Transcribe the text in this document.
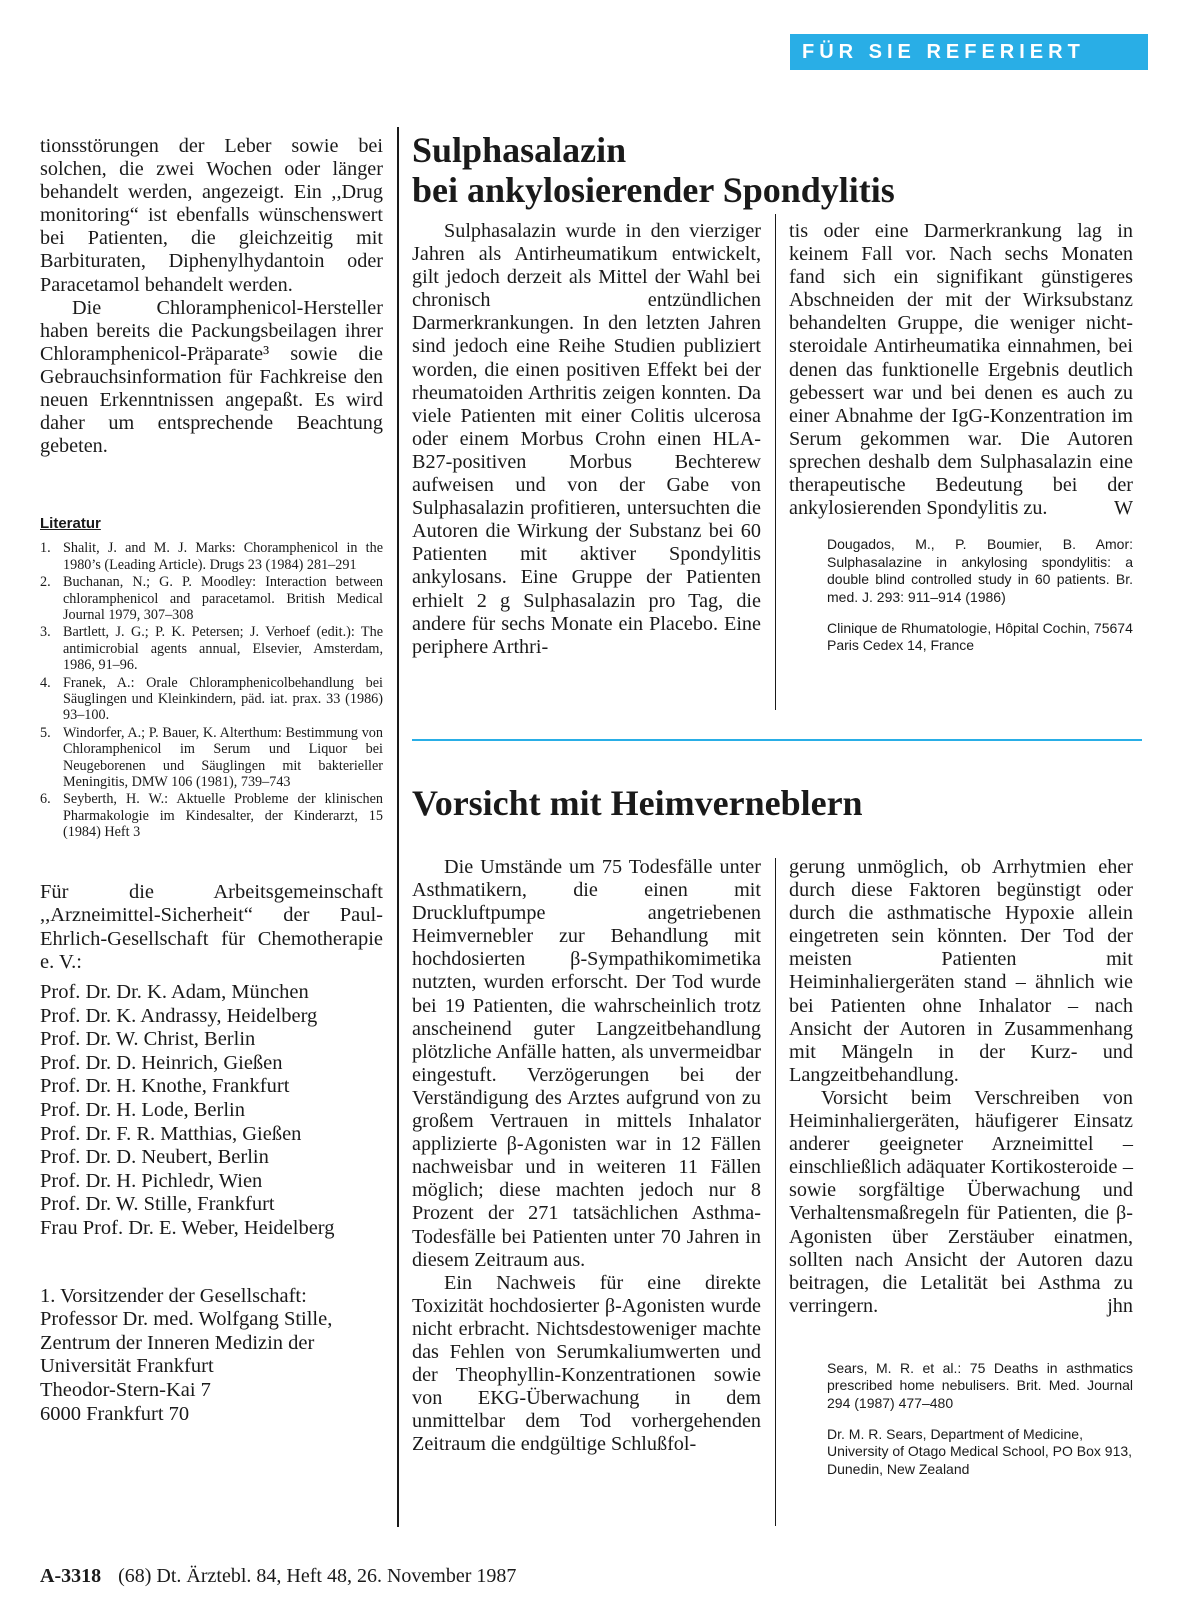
FÜR SIE REFERIERT

tionsstörungen der Leber sowie bei solchen, die zwei Wochen oder länger behandelt werden, angezeigt. Ein ,,Drug monitoring“ ist ebenfalls wünschenswert bei Patienten, die gleichzeitig mit Barbituraten, Diphenylhydantoin oder Paracetamol behandelt werden.

Die Chloramphenicol-Hersteller haben bereits die Packungsbeilagen ihrer Chloramphenicol-Präparate³ sowie die Gebrauchsinformation für Fachkreise den neuen Erkenntnissen angepaßt. Es wird daher um entsprechende Beachtung gebeten.

Literatur
1. Shalit, J. and M. J. Marks: Choramphenicol in the 1980’s (Leading Article). Drugs 23 (1984) 281–291
2. Buchanan, N.; G. P. Moodley: Interaction between chloramphenicol and paracetamol. British Medical Journal 1979, 307–308
3. Bartlett, J. G.; P. K. Petersen; J. Verhoef (edit.): The antimicrobial agents annual, Elsevier, Amsterdam, 1986, 91–96.
4. Franek, A.: Orale Chloramphenicolbehandlung bei Säuglingen und Kleinkindern, päd. iat. prax. 33 (1986) 93–100.
5. Windorfer, A.; P. Bauer, K. Alterthum: Bestimmung von Chloramphenicol im Serum und Liquor bei Neugeborenen und Säuglingen mit bakterieller Meningitis, DMW 106 (1981), 739–743
6. Seyberth, H. W.: Aktuelle Probleme der klinischen Pharmakologie im Kindesalter, der Kinderarzt, 15 (1984) Heft 3

Für die Arbeitsgemeinschaft ,,Arzneimittel-Sicherheit“ der Paul-Ehrlich-Gesellschaft für Chemotherapie e. V.:

Prof. Dr. Dr. K. Adam, München
Prof. Dr. K. Andrassy, Heidelberg
Prof. Dr. W. Christ, Berlin
Prof. Dr. D. Heinrich, Gießen
Prof. Dr. H. Knothe, Frankfurt
Prof. Dr. H. Lode, Berlin
Prof. Dr. F. R. Matthias, Gießen
Prof. Dr. D. Neubert, Berlin
Prof. Dr. H. Pichledr, Wien
Prof. Dr. W. Stille, Frankfurt
Frau Prof. Dr. E. Weber, Heidelberg
1. Vorsitzender der Gesellschaft:
Professor Dr. med. Wolfgang Stille,
Zentrum der Inneren Medizin der
Universität Frankfurt
Theodor-Stern-Kai 7
6000 Frankfurt 70
Sulphasalazin
bei ankylosierender Spondylitis
Sulphasalazin wurde in den vierziger Jahren als Antirheumatikum entwickelt, gilt jedoch derzeit als Mittel der Wahl bei chronisch entzündlichen Darmerkrankungen. In den letzten Jahren sind jedoch eine Reihe Studien publiziert worden, die einen positiven Effekt bei der rheumatoiden Arthritis zeigen konnten. Da viele Patienten mit einer Colitis ulcerosa oder einem Morbus Crohn einen HLA-B27-positiven Morbus Bechterew aufweisen und von der Gabe von Sulphasalazin profitieren, untersuchten die Autoren die Wirkung der Substanz bei 60 Patienten mit aktiver Spondylitis ankylosans. Eine Gruppe der Patienten erhielt 2 g Sulphasalazin pro Tag, die andere für sechs Monate ein Placebo. Eine periphere Arthri-

tis oder eine Darmerkrankung lag in keinem Fall vor. Nach sechs Monaten fand sich ein signifikant günstigeres Abschneiden der mit der Wirksubstanz behandelten Gruppe, die weniger nicht-steroidale Antirheumatika einnahmen, bei denen das funktionelle Ergebnis deutlich gebessert war und bei denen es auch zu einer Abnahme der IgG-Konzentration im Serum gekommen war. Die Autoren sprechen deshalb dem Sulphasalazin eine therapeutische Bedeutung bei der ankylosierenden Spondylitis zu.	W

Dougados, M., P. Boumier, B. Amor: Sulphasalazine in ankylosing spondylitis: a double blind controlled study in 60 patients. Br. med. J. 293: 911–914 (1986)

Clinique de Rhumatologie, Hôpital Cochin, 75674 Paris Cedex 14, France

Vorsicht mit Heimverneblern

Die Umstände um 75 Todesfälle unter Asthmatikern, die einen mit Druckluftpumpe angetriebenen Heimvernebler zur Behandlung mit hochdosierten β-Sympathikomimetika nutzten, wurden erforscht. Der Tod wurde bei 19 Patienten, die wahrscheinlich trotz anscheinend guter Langzeitbehandlung plötzliche Anfälle hatten, als unvermeidbar eingestuft. Verzögerungen bei der Verständigung des Arztes aufgrund von zu großem Vertrauen in mittels Inhalator applizierte β-Agonisten war in 12 Fällen nachweisbar und in weiteren 11 Fällen möglich; diese machten jedoch nur 8 Prozent der 271 tatsächlichen Asthma-Todesfälle bei Patienten unter 70 Jahren in diesem Zeitraum aus.

Ein Nachweis für eine direkte Toxizität hochdosierter β-Agonisten wurde nicht erbracht. Nichtsdestoweniger machte das Fehlen von Serumkaliumwerten und der Theophyllin-Konzentrationen sowie von EKG-Überwachung in dem unmittelbar dem Tod vorhergehenden Zeitraum die endgültige Schlußfol-

gerung unmöglich, ob Arrhytmien eher durch diese Faktoren begünstigt oder durch die asthmatische Hypoxie allein eingetreten sein könnten. Der Tod der meisten Patienten mit Heiminhaliergeräten stand – ähnlich wie bei Patienten ohne Inhalator – nach Ansicht der Autoren in Zusammenhang mit Mängeln in der Kurz- und Langzeitbehandlung.

Vorsicht beim Verschreiben von Heiminhaliergeräten, häufigerer Einsatz anderer geeigneter Arzneimittel – einschließlich adäquater Kortikosteroide – sowie sorgfältige Überwachung und Verhaltensmaßregeln für Patienten, die β-Agonisten über Zerstäuber einatmen, sollten nach Ansicht der Autoren dazu beitragen, die Letalität bei Asthma zu verringern.	jhn

Sears, M. R. et al.: 75 Deaths in asthmatics prescribed home nebulisers. Brit. Med. Journal 294 (1987) 477–480

Dr. M. R. Sears, Department of Medicine, University of Otago Medical School, PO Box 913, Dunedin, New Zealand

A-3318 (68) Dt. Ärztebl. 84, Heft 48, 26. November 1987
